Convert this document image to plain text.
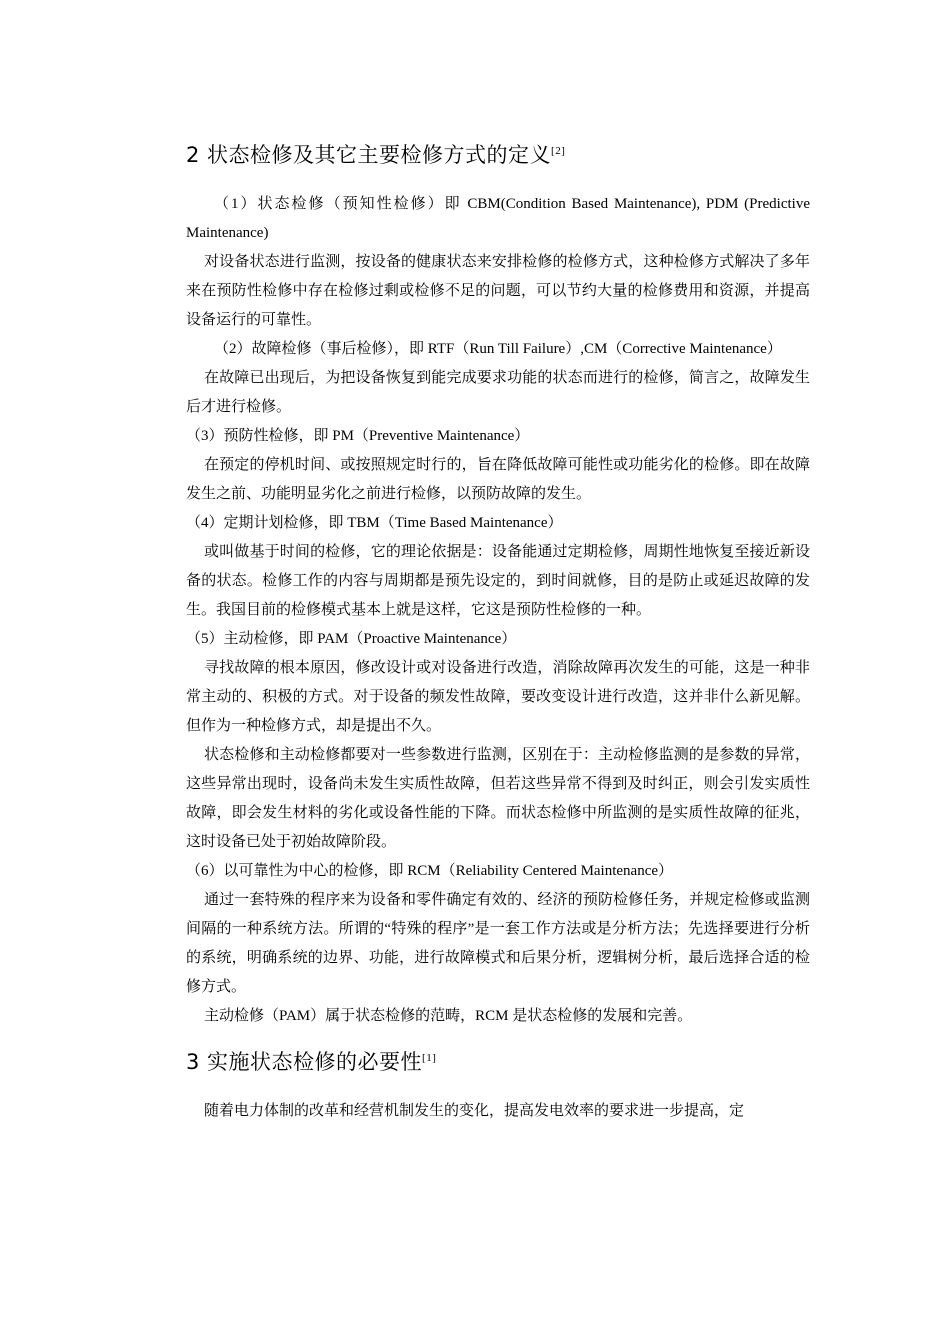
2 状态检修及其它主要检修方式的定义[2]

（1）状态检修（预知性检修）即 CBM(Condition Based Maintenance), PDM (Predictive Maintenance)

对设备状态进行监测，按设备的健康状态来安排检修的检修方式，这种检修方式解决了多年来在预防性检修中存在检修过剩或检修不足的问题，可以节约大量的检修费用和资源，并提高设备运行的可靠性。

（2）故障检修（事后检修），即 RTF（Run Till Failure）,CM（Corrective Maintenance）

在故障已出现后，为把设备恢复到能完成要求功能的状态而进行的检修，简言之，故障发生后才进行检修。

（3）预防性检修，即 PM（Preventive Maintenance）

在预定的停机时间、或按照规定时行的，旨在降低故障可能性或功能劣化的检修。即在故障发生之前、功能明显劣化之前进行检修，以预防故障的发生。

（4）定期计划检修，即 TBM（Time Based Maintenance）

或叫做基于时间的检修，它的理论依据是：设备能通过定期检修，周期性地恢复至接近新设备的状态。检修工作的内容与周期都是预先设定的，到时间就修，目的是防止或延迟故障的发生。我国目前的检修模式基本上就是这样，它这是预防性检修的一种。

（5）主动检修，即 PAM（Proactive Maintenance）

寻找故障的根本原因，修改设计或对设备进行改造，消除故障再次发生的可能，这是一种非常主动的、积极的方式。对于设备的频发性故障，要改变设计进行改造，这并非什么新见解。但作为一种检修方式，却是提出不久。

状态检修和主动检修都要对一些参数进行监测，区别在于：主动检修监测的是参数的异常，这些异常出现时，设备尚未发生实质性故障，但若这些异常不得到及时纠正，则会引发实质性故障，即会发生材料的劣化或设备性能的下降。而状态检修中所监测的是实质性故障的征兆，这时设备已处于初始故障阶段。

（6）以可靠性为中心的检修，即 RCM（Reliability Centered Maintenance）

通过一套特殊的程序来为设备和零件确定有效的、经济的预防检修任务，并规定检修或监测间隔的一种系统方法。所谓的“特殊的程序”是一套工作方法或是分析方法；先选择要进行分析的系统，明确系统的边界、功能，进行故障模式和后果分析，逻辑树分析，最后选择合适的检修方式。

主动检修（PAM）属于状态检修的范畴，RCM 是状态检修的发展和完善。

3 实施状态检修的必要性[1]

随着电力体制的改革和经营机制发生的变化，提高发电效率的要求进一步提高，定
